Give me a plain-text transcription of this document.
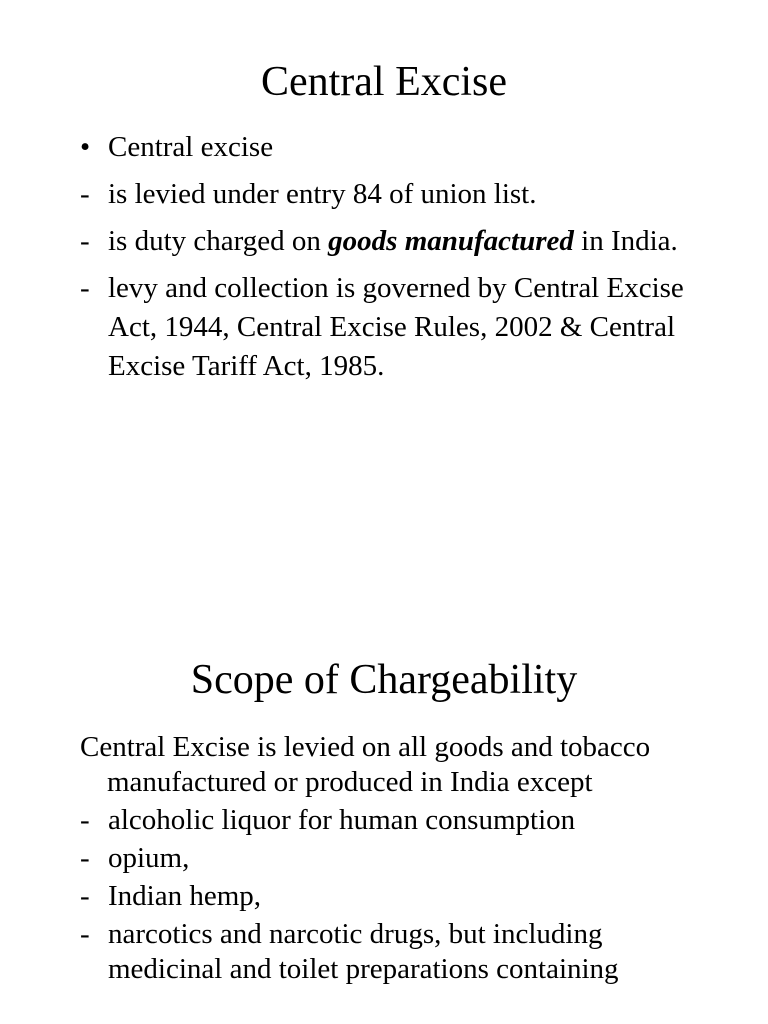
Central Excise
• Central excise
- is levied under entry 84 of union list.
- is duty charged on goods manufactured in India.
- levy and collection is governed by Central Excise Act, 1944, Central Excise Rules, 2002 & Central Excise Tariff Act, 1985.
Scope of Chargeability
Central Excise is levied on all goods and tobacco manufactured or produced in India except
- alcoholic liquor for human consumption
- opium,
- Indian hemp,
- narcotics and narcotic drugs, but including medicinal and toilet preparations containing
